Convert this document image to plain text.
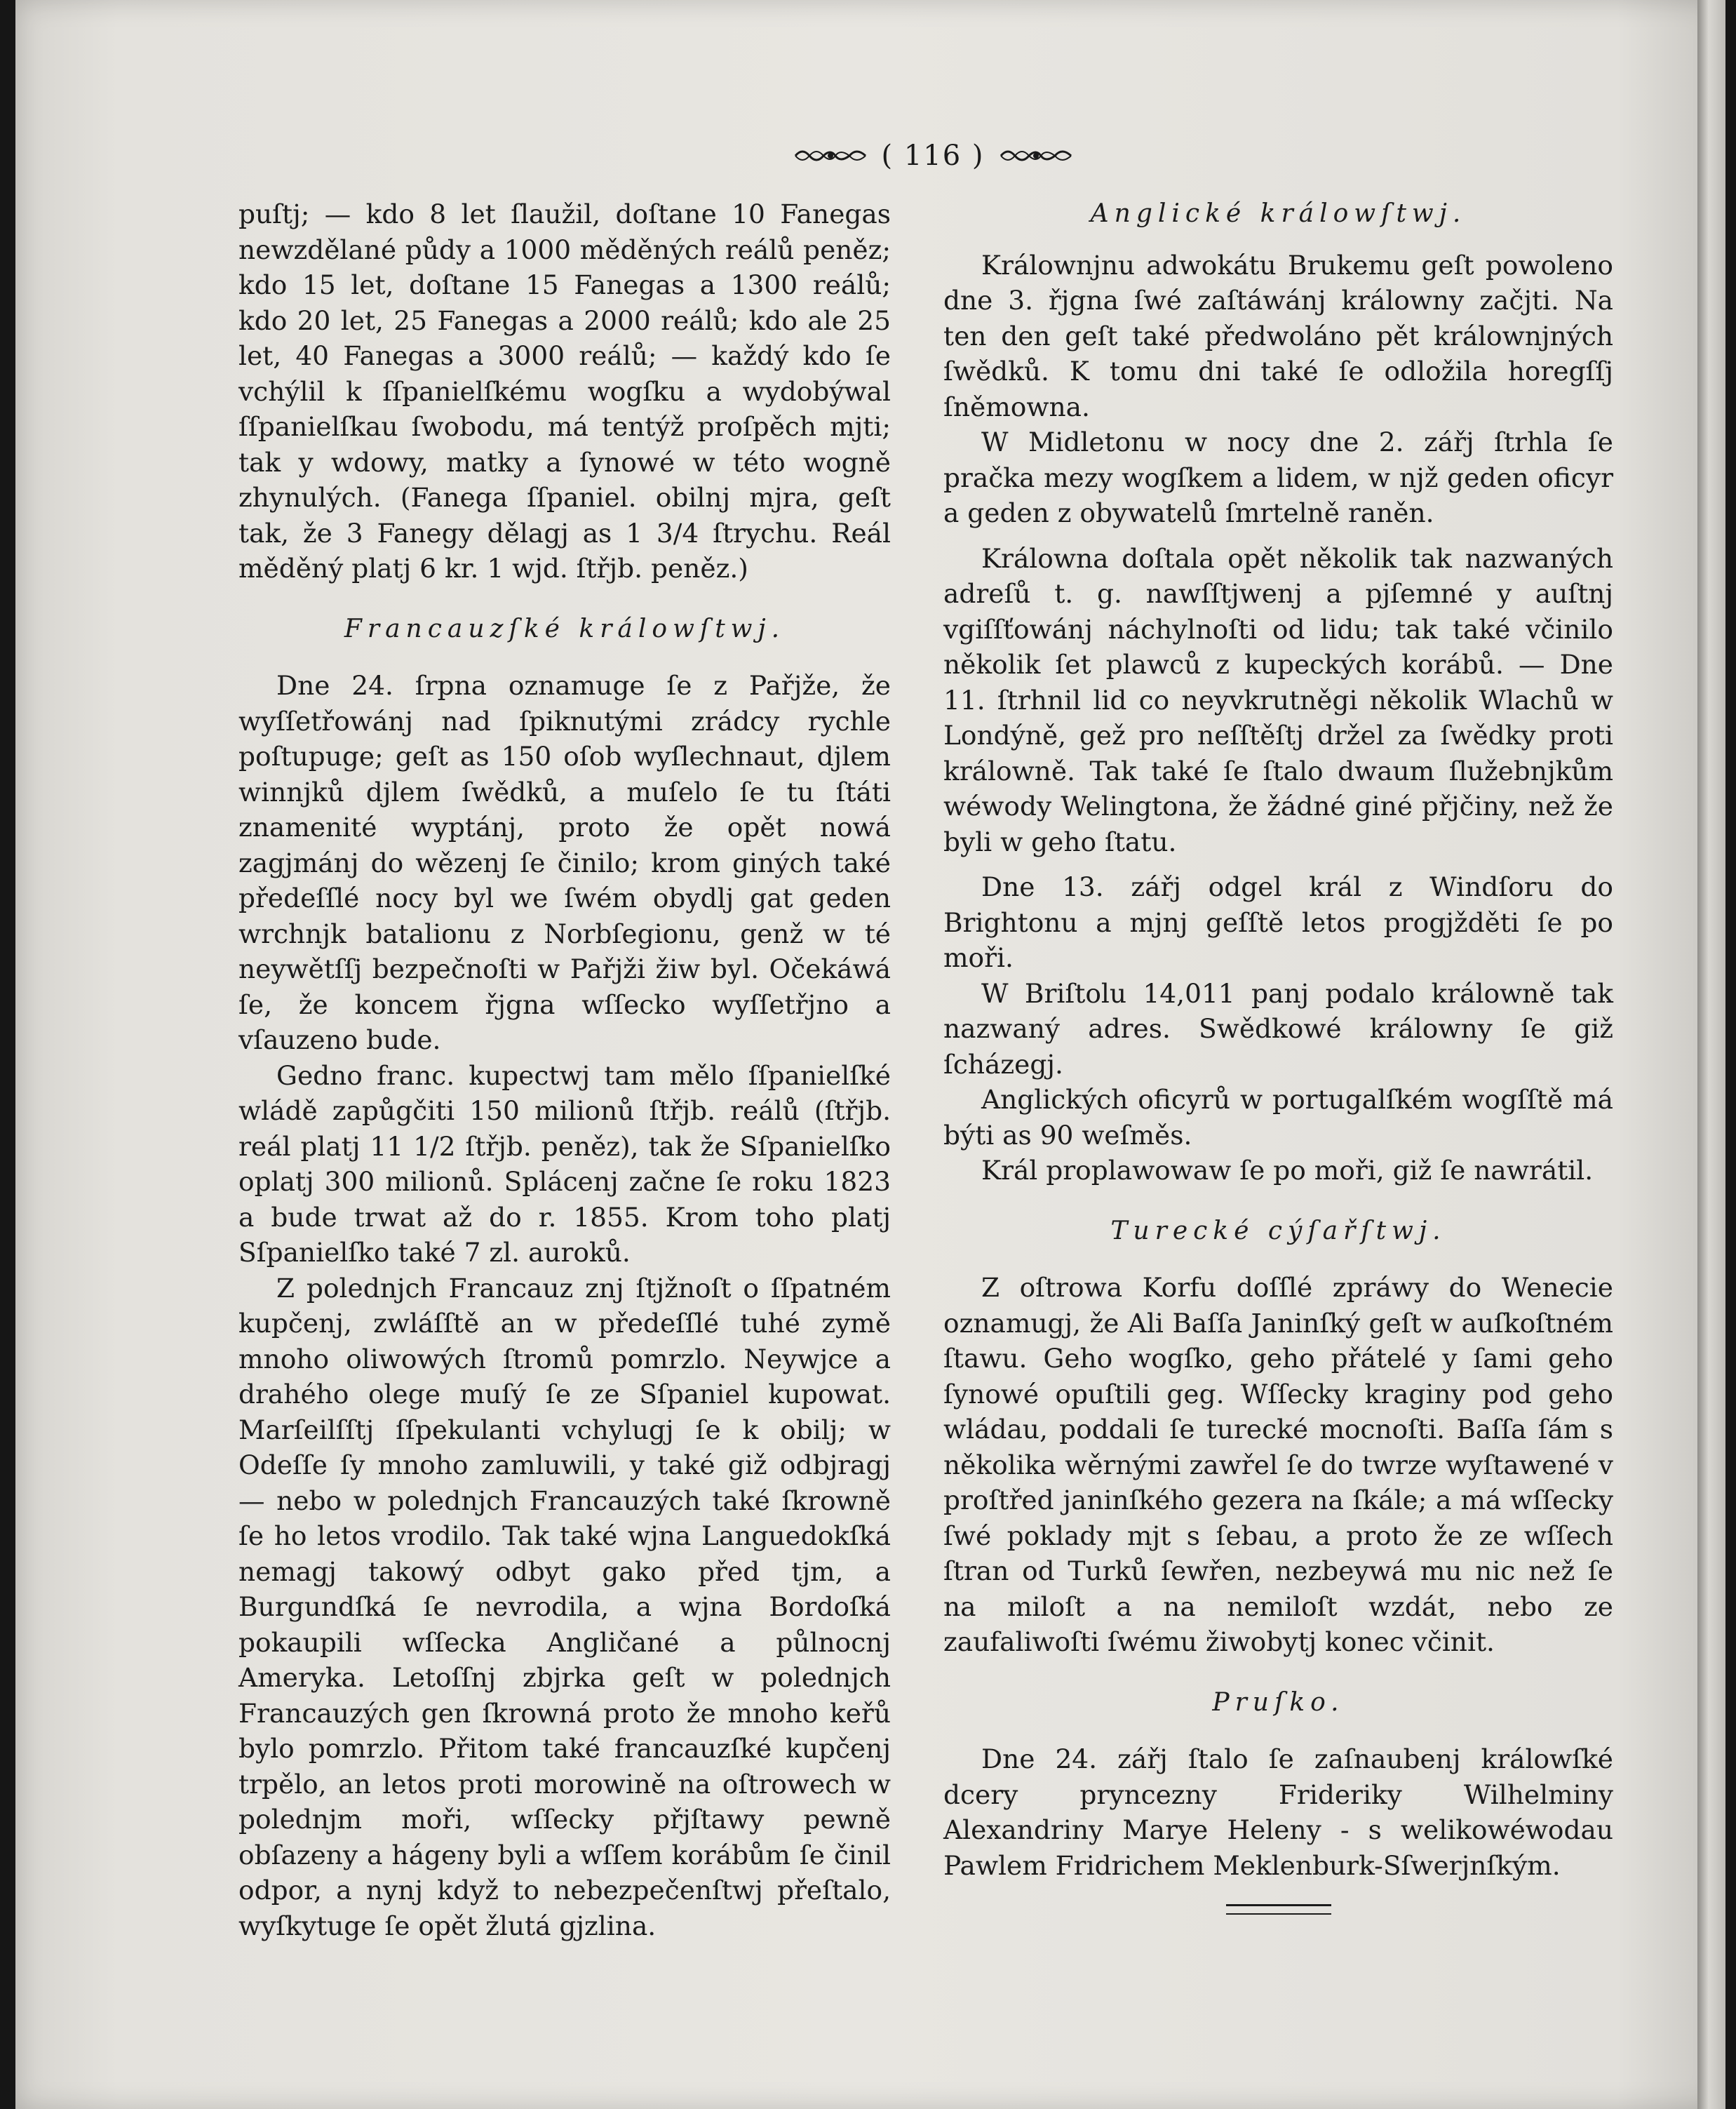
( 116 )

puſtj; — kdo 8 let ſlaužil, doſtane 10 Fanegas newzdělané půdy a 1000 měděných reálů peněz; kdo 15 let, doſtane 15 Fanegas a 1300 reálů; kdo 20 let, 25 Fanegas a 2000 reálů; kdo ale 25 let, 40 Fanegas a 3000 reálů; — každý kdo ſe vchýlil k ſſpanielſkému wogſku a wydobýwal ſſpanielſkau ſwobodu, má tentýž proſpěch mjti; tak y wdowy, matky a ſynowé w této wogně zhynulých. (Fanega ſſpaniel. obilnj mjra, geſt tak, že 3 Fanegy dělagj as 1 3/4 ſtrychu. Reál měděný platj 6 kr. 1 wjd. ſtřjb. peněz.)

Francauzſké králowſtwj.

Dne 24. ſrpna oznamuge ſe z Pařjže, že wyſſetřowánj nad ſpiknutými zrádcy rychle poſtupuge; geſt as 150 oſob wyſlechnaut, djlem winnjků djlem ſwědků, a muſelo ſe tu ſtáti znamenité wyptánj, proto že opět nowá zagjmánj do wězenj ſe činilo; krom giných také předeſſlé nocy byl we ſwém obydlj gat geden wrchnjk batalionu z Norbſegionu, genž w té neywětſſj bezpečnoſti w Pařjži žiw byl. Očekáwá ſe, že koncem řjgna wſſecko wyſſetřjno a vſauzeno bude.

Gedno franc. kupectwj tam mělo ſſpanielſké wládě zapůgčiti 150 milionů ſtřjb. reálů (ſtřjb. reál platj 11 1/2 ſtřjb. peněz), tak že Sſpanielſko oplatj 300 milionů. Splácenj začne ſe roku 1823 a bude trwat až do r. 1855. Krom toho platj Sſpanielſko také 7 zl. auroků.

Z polednjch Francauz znj ſtjžnoſt o ſſpatném kupčenj, zwláſſtě an w předeſſlé tuhé zymě mnoho oliwowých ſtromů pomrzlo. Neywjce a drahého olege muſý ſe ze Sſpaniel kupowat. Marſeilſſtj ſſpekulanti vchylugj ſe k obilj; w Odeſſe ſy mnoho zamluwili, y také giž odbjragj — nebo w polednjch Francauzých také ſkrowně ſe ho letos vrodilo. Tak také wjna Languedokſká nemagj takowý odbyt gako před tjm, a Burgundſká ſe nevrodila, a wjna Bordoſká pokaupili wſſecka Angličané a půlnocnj Ameryka. Letoſſnj zbjrka geſt w polednjch Francauzých gen ſkrowná proto že mnoho keřů bylo pomrzlo. Přitom také francauzſké kupčenj trpělo, an letos proti morowině na oſtrowech w polednjm moři, wſſecky přjſtawy pewně obſazeny a hágeny byli a wſſem korábům ſe činil odpor, a nynj když to nebezpečenſtwj přeſtalo, wyſkytuge ſe opět žlutá gjzlina.

Anglické králowſtwj.

Králownjnu adwokátu Brukemu geſt powoleno dne 3. řjgna ſwé zaſtáwánj králowny začjti. Na ten den geſt také předwoláno pět králownjných ſwědků. K tomu dni také ſe odložila horegſſj ſněmowna.

W Midletonu w nocy dne 2. zářj ſtrhla ſe pračka mezy wogſkem a lidem, w njž geden oficyr a geden z obywatelů ſmrtelně raněn.

Králowna doſtala opět několik tak nazwaných adreſů t. g. nawſſtjwenj a pjſemné y auſtnj vgiſſťowánj náchylnoſti od lidu; tak také včinilo několik ſet plawců z kupeckých korábů. — Dne 11. ſtrhnil lid co neyvkrutněgi několik Wlachů w Londýně, gež pro neſſtěſtj držel za ſwědky proti králowně. Tak také ſe ſtalo dwaum ſlužebnjkům wéwody Welingtona, že žádné giné přjčiny, než že byli w geho ſtatu.

Dne 13. zářj odgel král z Windſoru do Brightonu a mjnj geſſtě letos progjžděti ſe po moři.

W Briſtolu 14,011 panj podalo králowně tak nazwaný adres. Swědkowé králowny ſe giž ſcházegj.

Anglických oficyrů w portugalſkém wogſſtě má býti as 90 weſměs.

Král proplawowaw ſe po moři, giž ſe nawrátil.

Turecké cýſařſtwj.

Z oſtrowa Korfu doſſlé zpráwy do Wenecie oznamugj, že Ali Baſſa Janinſký geſt w auſkoſtném ſtawu. Geho wogſko, geho přátelé y ſami geho ſynowé opuſtili geg. Wſſecky kraginy pod geho wládau, poddali ſe turecké mocnoſti. Baſſa ſám s několika wěrnými zawřel ſe do twrze wyſtawené v proſtřed janinſkého gezera na ſkále; a má wſſecky ſwé poklady mjt s ſebau, a proto že ze wſſech ſtran od Turků ſewřen, nezbeywá mu nic než ſe na miloſt a na nemiloſt wzdát, nebo ze zaufaliwoſti ſwému žiwobytj konec včinit.

Pruſko.

Dne 24. zářj ſtalo ſe zaſnaubenj králowſké dcery pryncezny Frideriky Wilhelminy Alexandriny Marye Heleny - s welikowéwodau Pawlem Fridrichem Meklenburk-Sſwerjnſkým.
